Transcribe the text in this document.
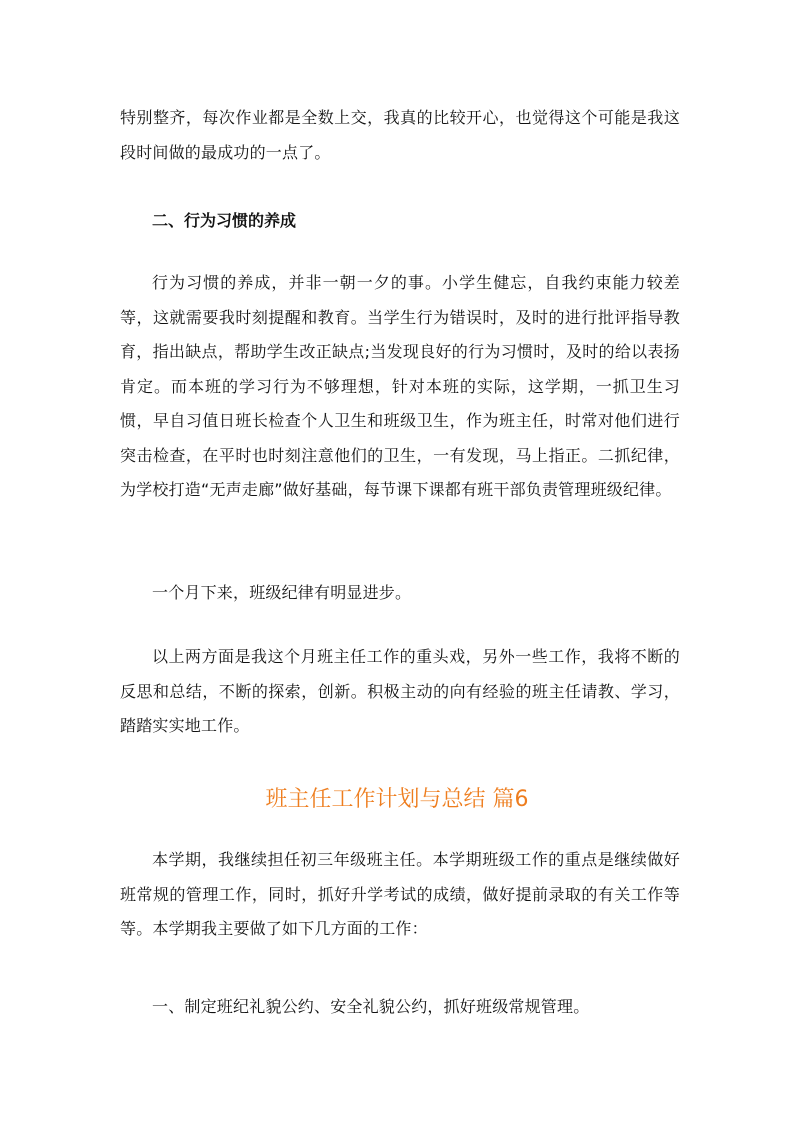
特别整齐，每次作业都是全数上交，我真的比较开心，也觉得这个可能是我这段时间做的最成功的一点了。

二、行为习惯的养成

行为习惯的养成，并非一朝一夕的事。小学生健忘，自我约束能力较差等，这就需要我时刻提醒和教育。当学生行为错误时，及时的进行批评指导教育，指出缺点，帮助学生改正缺点;当发现良好的行为习惯时，及时的给以表扬肯定。而本班的学习行为不够理想，针对本班的实际，这学期，一抓卫生习惯，早自习值日班长检查个人卫生和班级卫生，作为班主任，时常对他们进行突击检查，在平时也时刻注意他们的卫生，一有发现，马上指正。二抓纪律，为学校打造“无声走廊”做好基础，每节课下课都有班干部负责管理班级纪律。

一个月下来，班级纪律有明显进步。

以上两方面是我这个月班主任工作的重头戏，另外一些工作，我将不断的反思和总结，不断的探索，创新。积极主动的向有经验的班主任请教、学习，踏踏实实地工作。

班主任工作计划与总结 篇6

本学期，我继续担任初三年级班主任。本学期班级工作的重点是继续做好班常规的管理工作，同时，抓好升学考试的成绩，做好提前录取的有关工作等等。本学期我主要做了如下几方面的工作：

一、制定班纪礼貌公约、安全礼貌公约，抓好班级常规管理。
